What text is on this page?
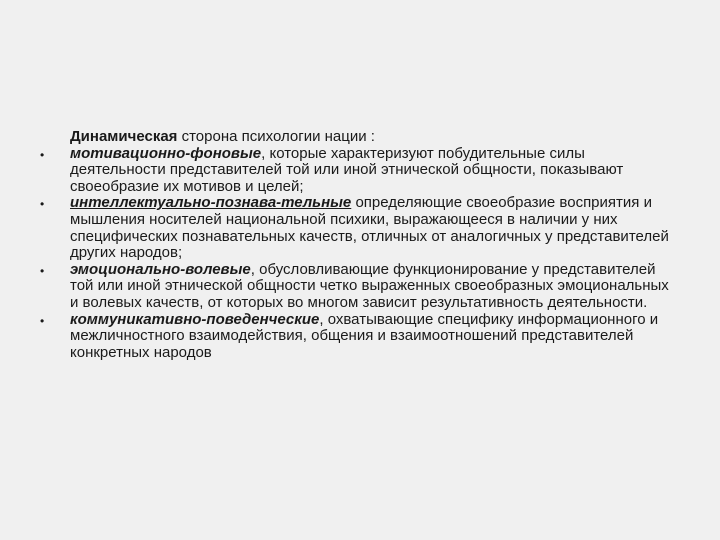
Динамическая сторона психологии нации :

• мотивационно-фоновые, которые характеризуют побудительные силы деятельности представителей той или иной этнической общности, показывают своеобразие их мотивов и целей;
• интеллектуально-познава-тельные определяющие своеобразие восприятия и мышления носителей национальной психики, выражающееся в наличии у них специфических познавательных качеств, отличных от аналогичных у представителей других народов;
• эмоционально-волевые, обусловливающие функционирование у представителей той или иной этнической общности четко выраженных своеобразных эмоциональных и волевых качеств, от которых во многом зависит результативность деятельности.
• коммуникативно-поведенческие, охватывающие специфику информационного и межличностного взаимодействия, общения и взаимоотношений представителей конкретных народов
